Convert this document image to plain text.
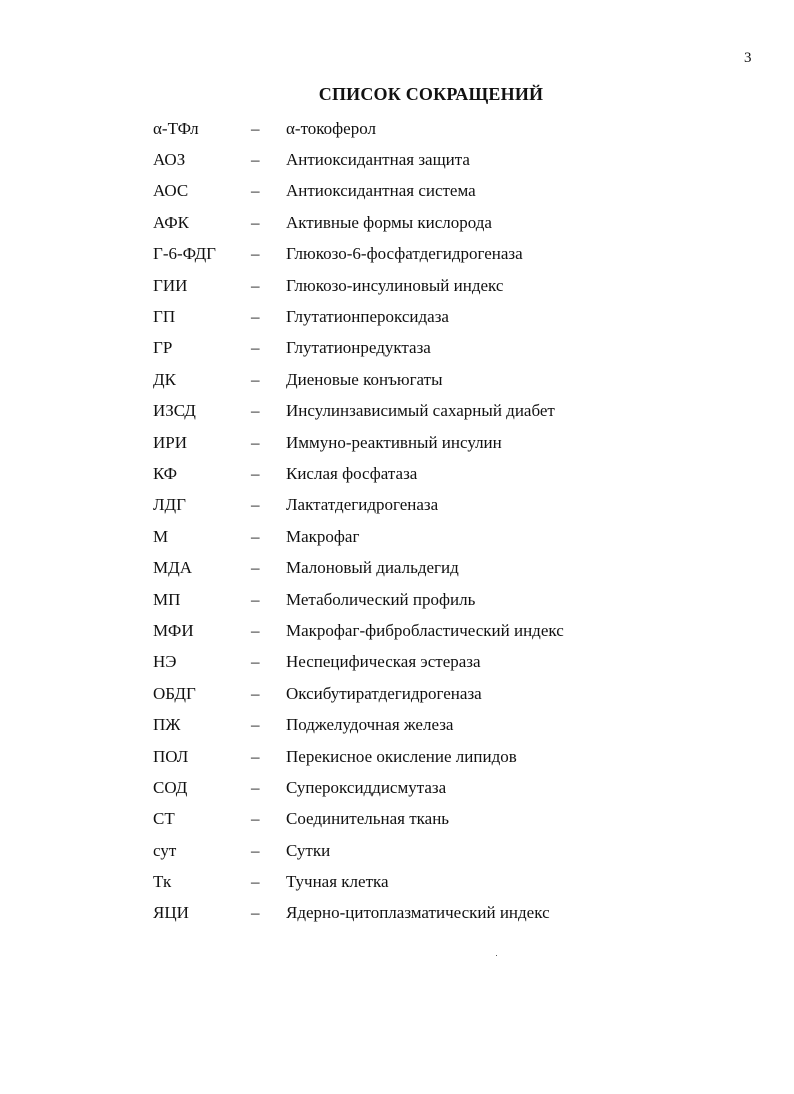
3
СПИСОК СОКРАЩЕНИЙ
α-ТФл	–	α-токоферол
АОЗ	–	Антиоксидантная защита
АОС	–	Антиоксидантная система
АФК	–	Активные формы кислорода
Г-6-ФДГ	–	Глюкозо-6-фосфатдегидрогеназа
ГИИ	–	Глюкозо-инсулиновый индекс
ГП	–	Глутатионпероксидаза
ГР	–	Глутатионредуктаза
ДК	–	Диеновые конъюгаты
ИЗСД	–	Инсулинзависимый сахарный диабет
ИРИ	–	Иммуно-реактивный инсулин
КФ	–	Кислая фосфатаза
ЛДГ	–	Лактатдегидрогеназа
М	–	Макрофаг
МДА	–	Малоновый диальдегид
МП	–	Метаболический профиль
МФИ	–	Макрофаг-фибробластический индекс
НЭ	–	Неспецифическая эстераза
ОБДГ	–	Оксибутиратдегидрогеназа
ПЖ	–	Поджелудочная железа
ПОЛ	–	Перекисное окисление липидов
СОД	–	Супероксиддисмутаза
СТ	–	Соединительная ткань
сут	–	Сутки
Тк	–	Тучная клетка
ЯЦИ	–	Ядерно-цитоплазматический индекс
